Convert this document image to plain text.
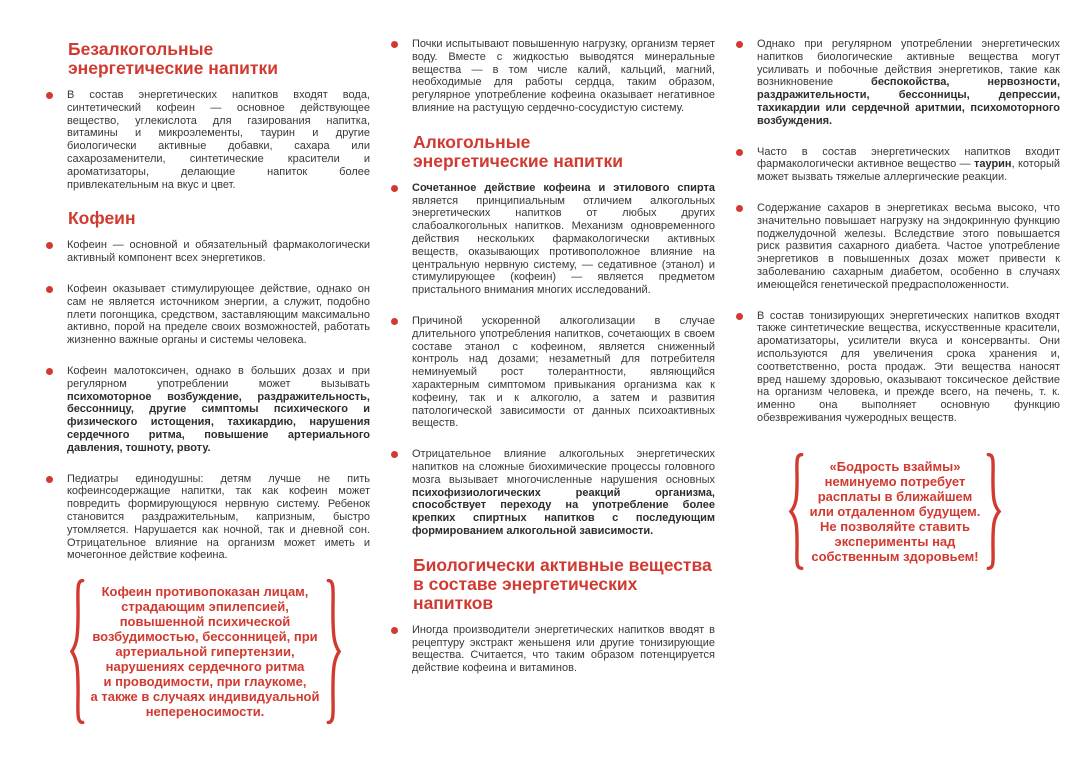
Безалкогольные
энергетические напитки
В состав энергетических напитков входят вода, синтетический кофеин — основное действующее вещество, углекислота для газирования напитка, витамины и микроэлементы, таурин и другие биологически активные добавки, сахара или сахарозаменители, синтетические красители и ароматизаторы, делающие напиток более привлекательным на вкус и цвет.
Кофеин
Кофеин — основной и обязательный фармакологически активный компонент всех энергетиков.
Кофеин оказывает стимулирующее действие, однако он сам не является источником энергии, а служит, подобно плети погонщика, средством, заставляющим максимально активно, порой на пределе своих возможностей, работать жизненно важные органы и системы человека.
Кофеин малотоксичен, однако в больших дозах и при регулярном употреблении может вызывать психомоторное возбуждение, раздражительность, бессонницу, другие симптомы психического и физического истощения, тахикардию, нарушения сердечного ритма, повышение артериального давления, тошноту, рвоту.
Педиатры единодушны: детям лучше не пить кофеинсодержащие напитки, так как кофеин может повредить формирующуюся нервную систему. Ребенок становится раздражительным, капризным, быстро утомляется. Нарушается как ночной, так и дневной сон. Отрицательное влияние на организм может иметь и мочегонное действие кофеина.
Кофеин противопоказан лицам,
страдающим эпилепсией,
повышенной психической
возбудимостью, бессонницей, при
артериальной гипертензии,
нарушениях сердечного ритма
и проводимости, при глаукоме,
а также в случаях индивидуальной
непереносимости.
Почки испытывают повышенную нагрузку, организм теряет воду. Вместе с жидкостью выводятся минеральные вещества — в том числе калий, кальций, магний, необходимые для работы сердца, таким образом, регулярное употребление кофеина оказывает негативное влияние на растущую сердечно-сосудистую систему.
Алкогольные
энергетические напитки
Сочетанное действие кофеина и этилового спирта является принципиальным отличием алкогольных энергетических напитков от любых других слабоалкогольных напитков. Механизм одновременного действия нескольких фармакологически активных веществ, оказывающих противоположное влияние на центральную нервную систему, — седативное (этанол) и стимулирующее (кофеин) — является предметом пристального внимания многих исследований.
Причиной ускоренной алкоголизации в случае длительного употребления напитков, сочетающих в своем составе этанол с кофеином, является сниженный контроль над дозами; незаметный для потребителя неминуемый рост толерантности, являющийся характерным симптомом привыкания организма как к кофеину, так и к алкоголю, а затем и развития патологической зависимости от данных психоактивных веществ.
Отрицательное влияние алкогольных энергетических напитков на сложные биохимические процессы головного мозга вызывает многочисленные нарушения основных психофизиологических реакций организма, способствует переходу на употребление более крепких спиртных напитков с последующим формированием алкогольной зависимости.
Биологически активные вещества
в составе энергетических
напитков
Иногда производители энергетических напитков вводят в рецептуру экстракт женьшеня или другие тонизирующие вещества. Считается, что таким образом потенцируется действие кофеина и витаминов.
Однако при регулярном употреблении энергетических напитков биологические активные вещества могут усиливать и побочные действия энергетиков, такие как возникновение беспокойства, нервозности, раздражительности, бессонницы, депрессии, тахикардии или сердечной аритмии, психомоторного возбуждения.
Часто в состав энергетических напитков входит фармакологически активное вещество — таурин, который может вызвать тяжелые аллергические реакции.
Содержание сахаров в энергетиках весьма высоко, что значительно повышает нагрузку на эндокринную функцию поджелудочной железы. Вследствие этого повышается риск развития сахарного диабета. Частое употребление энергетиков в повышенных дозах может привести к заболеванию сахарным диабетом, особенно в случаях имеющейся генетической предрасположенности.
В состав тонизирующих энергетических напитков входят также синтетические вещества, искусственные красители, ароматизаторы, усилители вкуса и консерванты. Они используются для увеличения срока хранения и, соответственно, роста продаж. Эти вещества наносят вред нашему здоровью, оказывают токсическое действие на организм человека, и прежде всего, на печень, т. к. именно она выполняет основную функцию обезвреживания чужеродных веществ.
«Бодрость взаймы»
неминуемо потребует
расплаты в ближайшем
или отдаленном будущем.
Не позволяйте ставить
эксперименты над
собственным здоровьем!
